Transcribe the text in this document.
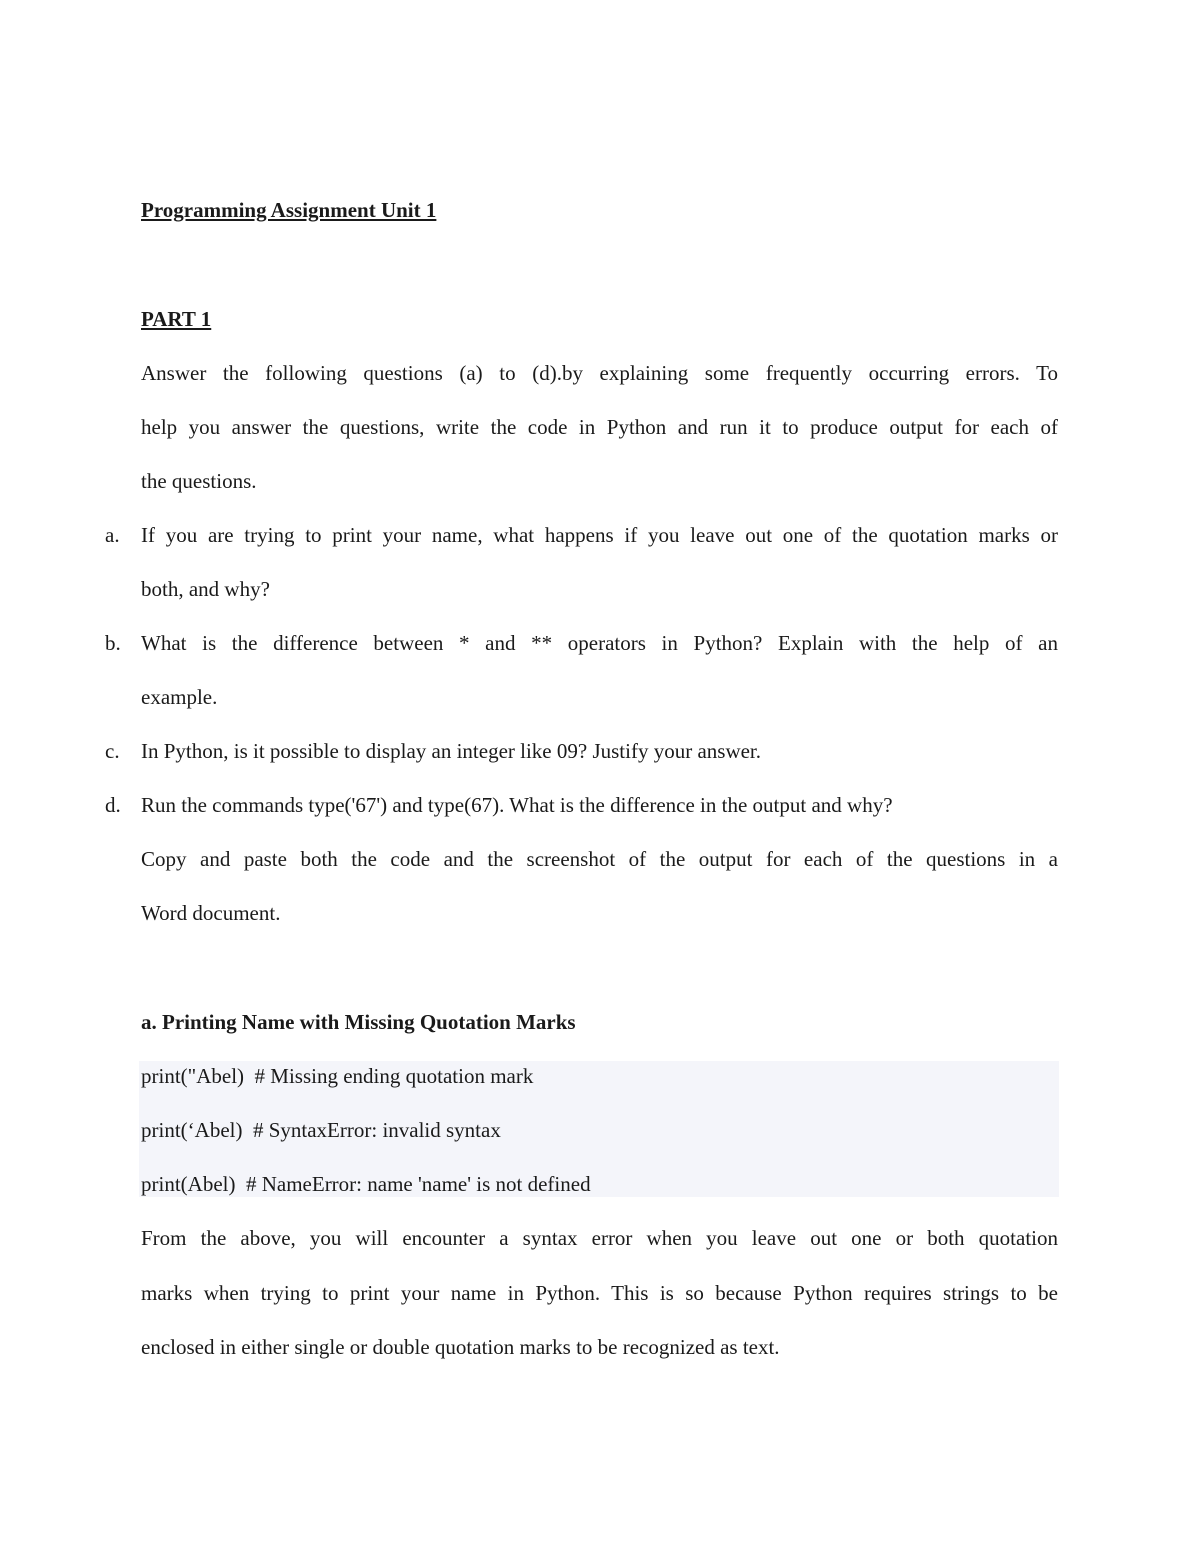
Programming Assignment Unit 1
PART 1
Answer the following questions (a) to (d).by explaining some frequently occurring errors. To
help you answer the questions, write the code in Python and run it to produce output for each of
the questions.
a. If you are trying to print your name, what happens if you leave out one of the quotation marks or
both, and why?
b. What is the difference between * and ** operators in Python? Explain with the help of an
example.
c. In Python, is it possible to display an integer like 09? Justify your answer.
d. Run the commands type('67') and type(67). What is the difference in the output and why?
Copy and paste both the code and the screenshot of the output for each of the questions in a
Word document.
a. Printing Name with Missing Quotation Marks
print("Abel)  # Missing ending quotation mark
print(‘Abel)  # SyntaxError: invalid syntax
print(Abel)  # NameError: name 'name' is not defined
From the above, you will encounter a syntax error when you leave out one or both quotation
marks when trying to print your name in Python. This is so because Python requires strings to be
enclosed in either single or double quotation marks to be recognized as text.
